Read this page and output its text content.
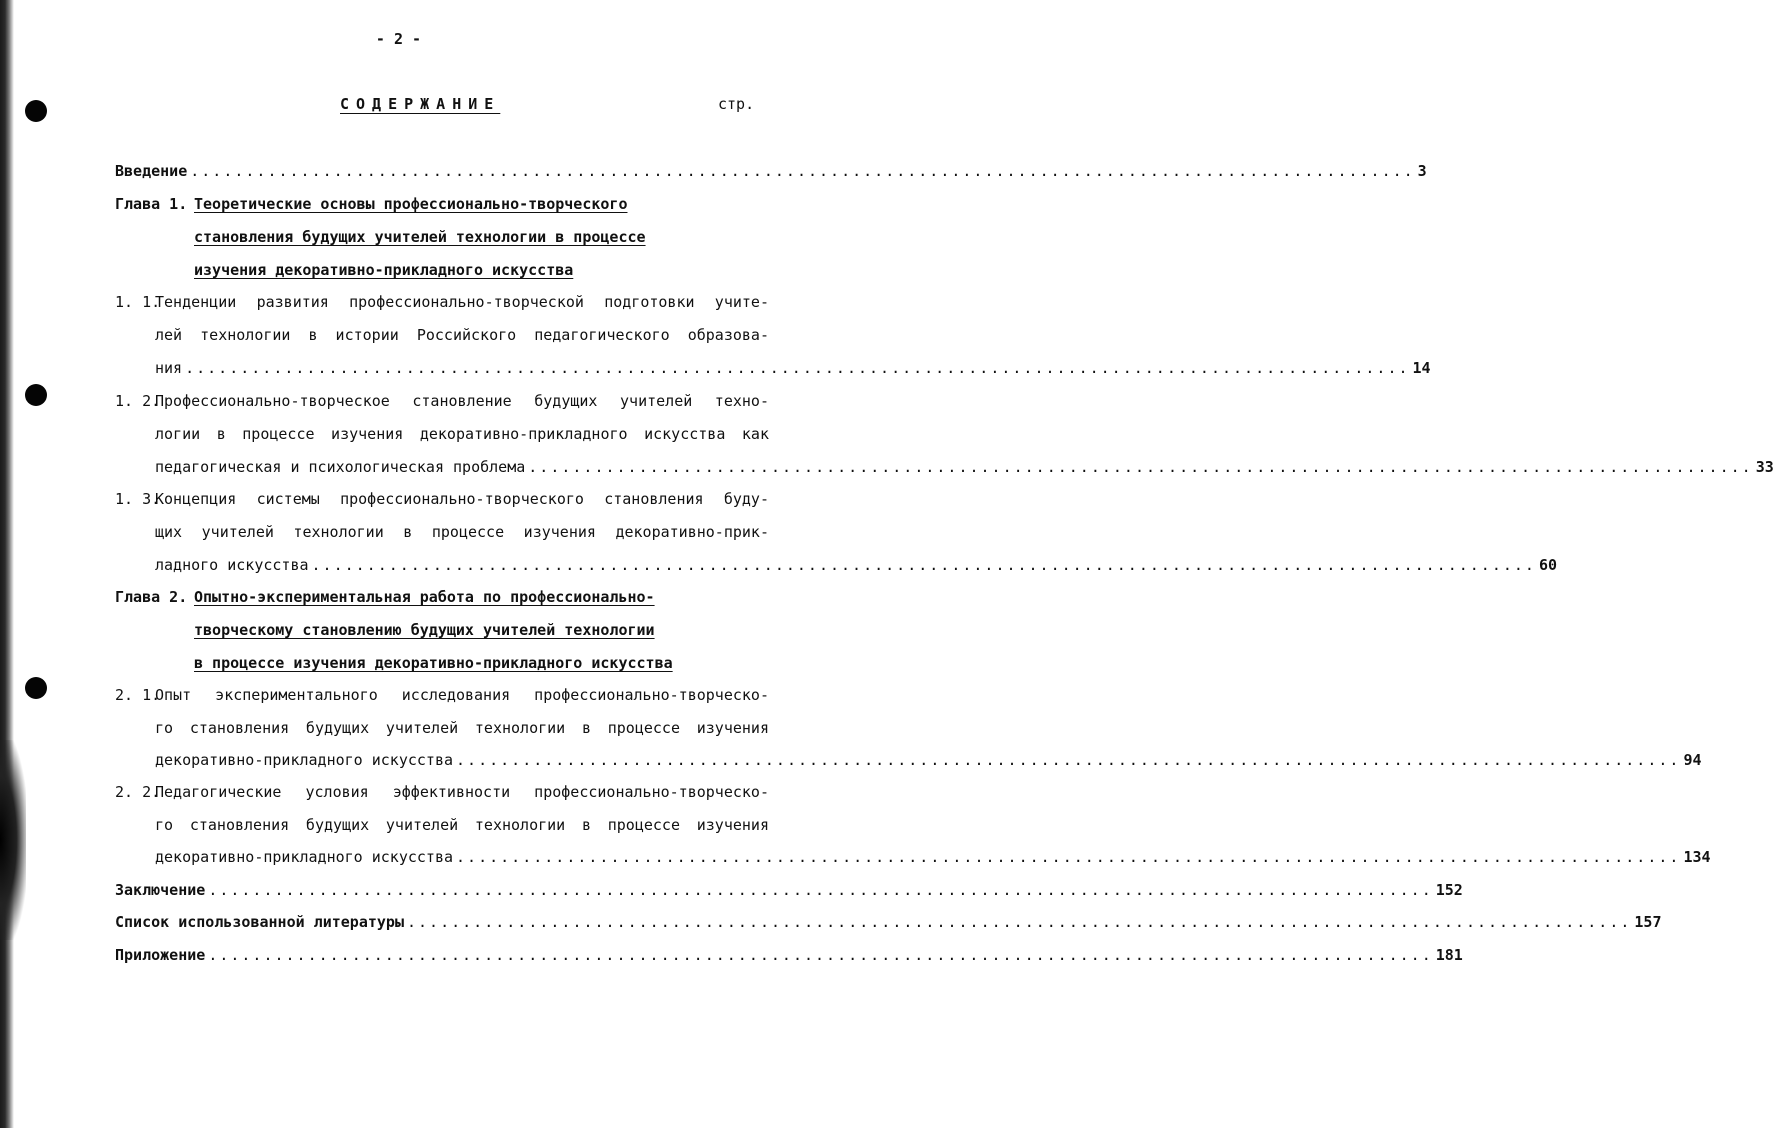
- 2 -
СОДЕРЖАНИЕ	стр.
Введение ............................................................................................................... 3
Глава 1. Теоретические основы профессионально-творческого
становления будущих учителей технологии в процессе
изучения декоративно-прикладного искусства
1. 1.
Тенденции развития профессионально-творческой подготовки учите-
лей технологии в истории Российского педагогического образова-
ния ............................................................................................................... 14
1. 2.
Профессионально-творческое становление будущих учителей техно-
логии в процессе изучения декоративно-прикладного искусства как
педагогическая и психологическая проблема ............................................................................................................... 33
1. 3.
Концепция системы профессионально-творческого становления буду-
щих учителей технологии в процессе изучения декоративно-прик-
ладного искусства ............................................................................................................... 60
Глава 2. Опытно-экспериментальная работа по профессионально-
творческому становлению будущих учителей технологии
в процессе изучения декоративно-прикладного искусства
2. 1.
Опыт экспериментального исследования профессионально-творческо-
го становления будущих учителей технологии в процессе изучения
декоративно-прикладного искусства ............................................................................................................... 94
2. 2.
Педагогические условия эффективности профессионально-творческо-
го становления будущих учителей технологии в процессе изучения
декоративно-прикладного искусства ............................................................................................................... 134
Заключение ............................................................................................................... 152
Список использованной литературы ............................................................................................................... 157
Приложение ............................................................................................................... 181
